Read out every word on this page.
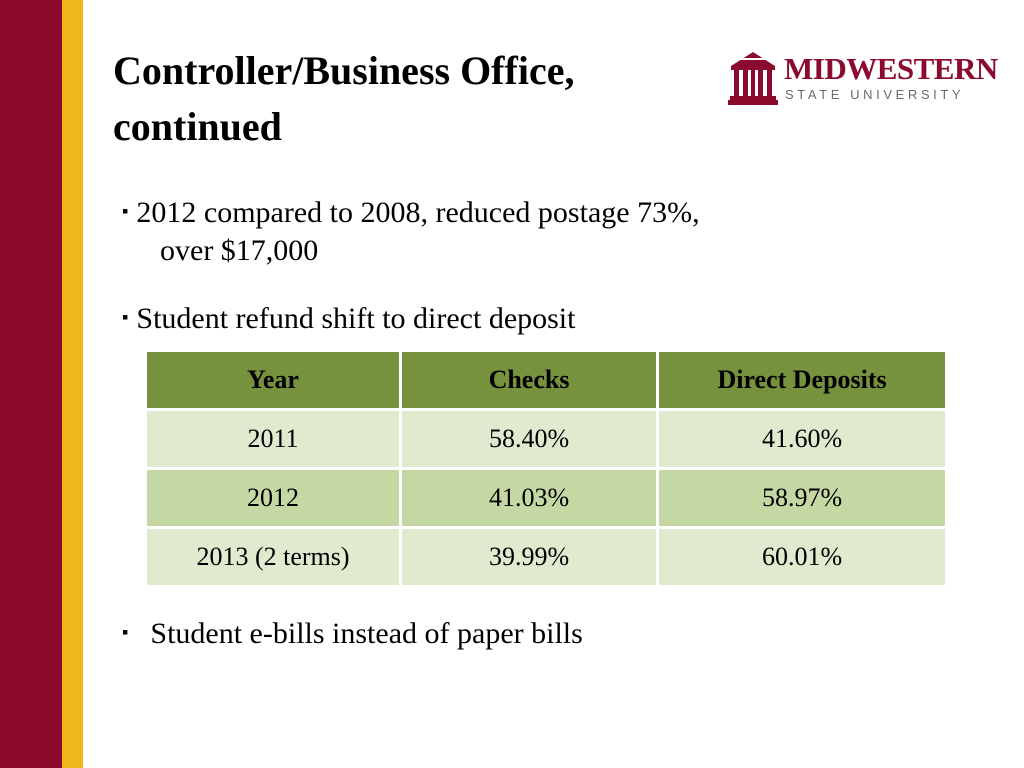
Controller/Business Office,
continued
MIDWESTERN
STATE UNIVERSITY
▪ 2012 compared to 2008, reduced postage 73%,
over $17,000
▪ Student refund shift to direct deposit
Year	Checks	Direct Deposits
2011	58.40%	41.60%
2012	41.03%	58.97%
2013 (2 terms)	39.99%	60.01%
▪ Student e-bills instead of paper bills
